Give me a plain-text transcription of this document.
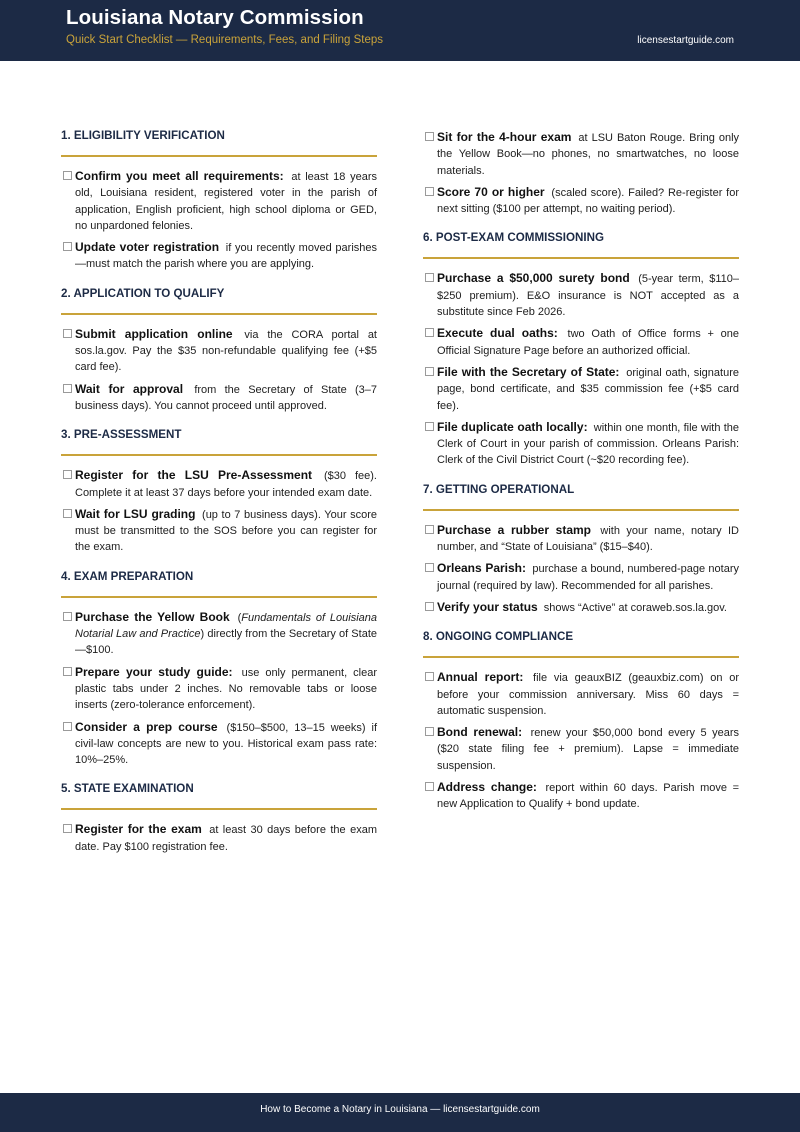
Louisiana Notary Commission
Quick Start Checklist — Requirements, Fees, and Filing Steps	licensestartguide.com
1. ELIGIBILITY VERIFICATION
Confirm you meet all requirements: at least 18 years old, Louisiana resident, registered voter in the parish of application, English proficient, high school diploma or GED, no unpardoned felonies.
Update voter registration if you recently moved parishes—must match the parish where you are applying.
2. APPLICATION TO QUALIFY
Submit application online via the CORA portal at sos.la.gov. Pay the $35 non-refundable qualifying fee (+$5 card fee).
Wait for approval from the Secretary of State (3–7 business days). You cannot proceed until approved.
3. PRE-ASSESSMENT
Register for the LSU Pre-Assessment ($30 fee). Complete it at least 37 days before your intended exam date.
Wait for LSU grading (up to 7 business days). Your score must be transmitted to the SOS before you can register for the exam.
4. EXAM PREPARATION
Purchase the Yellow Book (Fundamentals of Louisiana Notarial Law and Practice) directly from the Secretary of State—$100.
Prepare your study guide: use only permanent, clear plastic tabs under 2 inches. No removable tabs or loose inserts (zero-tolerance enforcement).
Consider a prep course ($150–$500, 13–15 weeks) if civil-law concepts are new to you. Historical exam pass rate: 10%–25%.
5. STATE EXAMINATION
Register for the exam at least 30 days before the exam date. Pay $100 registration fee.
Sit for the 4-hour exam at LSU Baton Rouge. Bring only the Yellow Book—no phones, no smartwatches, no loose materials.
Score 70 or higher (scaled score). Failed? Re-register for next sitting ($100 per attempt, no waiting period).
6. POST-EXAM COMMISSIONING
Purchase a $50,000 surety bond (5-year term, $110–$250 premium). E&O insurance is NOT accepted as a substitute since Feb 2026.
Execute dual oaths: two Oath of Office forms + one Official Signature Page before an authorized official.
File with the Secretary of State: original oath, signature page, bond certificate, and $35 commission fee (+$5 card fee).
File duplicate oath locally: within one month, file with the Clerk of Court in your parish of commission. Orleans Parish: Clerk of the Civil District Court (~$20 recording fee).
7. GETTING OPERATIONAL
Purchase a rubber stamp with your name, notary ID number, and “State of Louisiana” ($15–$40).
Orleans Parish: purchase a bound, numbered-page notary journal (required by law). Recommended for all parishes.
Verify your status shows “Active” at coraweb.sos.la.gov.
8. ONGOING COMPLIANCE
Annual report: file via geauxBIZ (geauxbiz.com) on or before your commission anniversary. Miss 60 days = automatic suspension.
Bond renewal: renew your $50,000 bond every 5 years ($20 state filing fee + premium). Lapse = immediate suspension.
Address change: report within 60 days. Parish move = new Application to Qualify + bond update.
How to Become a Notary in Louisiana — licensestartguide.com
